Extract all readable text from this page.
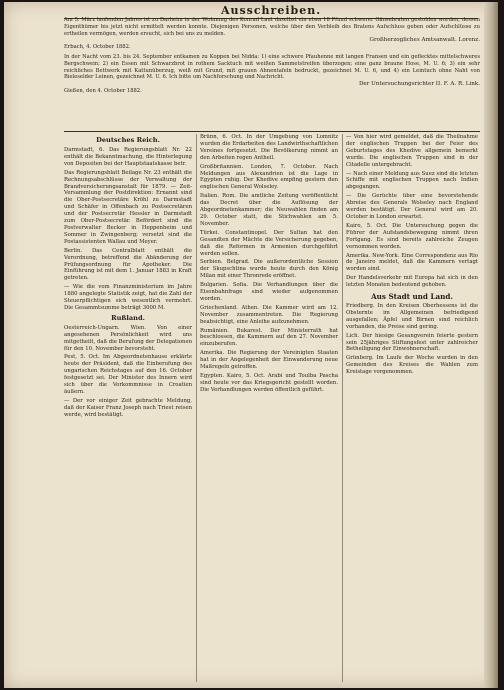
Ausschreiben.
Am 5. März laufenden Jahres ist zu Darheim in der Wohnung des Konrad Laut daselbst ein etwa 18 Pfund schwerer Gänsebraten gestohlen worden, dessen Eigenthümer bis jetzt nicht ermittelt werden konnte. Diejenigen Personen, welche über den Verbleib des Bratens Aufschluss geben oder Aufschlüsse zu ertheilen vermögen, werden ersucht, sich bei uns zu melden.
Großherzogliches Amtsanwalt. Lorenz.
Erbach, 4. October 1882.
In der Nacht vom 23. bis 24. September entkamen zu Koppen bei Nidda: 1) eine schwere Pfauhenne mit langen Fransen und ein geflecktes mittelschweres Bergschwein; 2) ein Essen mit Schwarzbrot in rothem Sacktuch mit weißen Sammetstreifen überzogen; eine ganz braune Hose, M. U. 6; 3) ein sehr reichliches Bettwerk mit Kattunüberzug, weiß mit Grund, mit grauen Ahnentafeln bedruckt, gezeichnet M. U. 6, und 4) ein Leintuch ohne Naht von Bieleselder Leinen, gezeichnet M. U. 6. Ich bitte um Nachforschung und Nachricht.
Der Untersuchungsrichter II. F. A. R. Link.
Gießen, den 4. October 1882.
Deutsches Reich.

Darmstadt, 6. Das Regierungsblatt Nr. 22 enthält die Bekanntmachung, die Hinterlegung von Depositen bei der Hauptstaatskasse betr.

Das Regierungsblatt Beilage Nr. 23 enthält die Rechnungsabschlüsse der Verwaltung der Brandversicherungsanstalt für 1879. — Zeit-Versammlung der Postdirektion: Ernannt sind die Ober-Postsecretäre Kröhl zu Darmstadt und Schäfer in Offenbach zu Postsecretären und der Postsecretär Hessler in Darmstadt zum Ober-Postsecretär. Befördert sind die Postverwalter Becker in Heppenheim und Sommer in Zwingenberg; versetzt sind die Postassistenten Wallau und Meyer.

Berlin. Das Centralblatt enthält die Verordnung, betreffend die Abänderung der Prüfungsordnung für Apotheker. Die Einführung ist mit dem 1. Januar 1883 in Kraft getreten.

— Wie die vom Finanzministerium im Jahre 1880 angelegte Statistik zeigt, hat die Zahl der Steuerpflichtigen sich wesentlich vermehrt. Die Gesammtsumme beträgt 3000 M.

Rußland.

Oesterreich-Ungarn. Wien. Von einer angesehenen Persönlichkeit wird uns mitgetheilt, daß die Berufung der Delegationen für den 10. November bevorsteht.

Pest, 5. Oct. Im Abgeordnetenhause erklärte heute der Präsident, daß die Einberufung des ungarischen Reichstages auf den 16. October festgesetzt sei. Der Minister des Innern wird sich über die Vorkommnisse in Croatien äußern.

— Der vor einiger Zeit gebrachte Meldung, daß der Kaiser Franz Joseph nach Triest reisen werde, wird bestätigt.

Brünn, 6. Oct. In der Umgebung von Lomnitz wurden die Erdarbeiten des Landwirthschaftlichen Vereines fortgesetzt. Die Bevölkerung nimmt an den Arbeiten regen Antheil.

Großbritannien. London, 7. October. Nach Meldungen aus Alexandrien ist die Lage in Egypten ruhig. Der Khedive empfing gestern den englischen General Wolseley.

Italien. Rom. Die amtliche Zeitung veröffentlicht das Decret über die Auflösung der Abgeordnetenkammer; die Neuwahlen finden am 29. October statt, die Stichwahlen am 5. November.

Türkei. Constantinopel. Der Sultan hat den Gesandten der Mächte die Versicherung gegeben, daß die Reformen in Armenien durchgeführt werden sollen.

Serbien. Belgrad. Die außerordentliche Session der Skupschtina wurde heute durch den König Milan mit einer Thronrede eröffnet.

Bulgarien. Sofia. Die Verhandlungen über die Eisenbahnfrage sind wieder aufgenommen worden.

Griechenland. Athen. Die Kammer wird am 12. November zusammentreten. Die Regierung beabsichtigt, eine Anleihe aufzunehmen.

Rumänien. Bukarest. Der Ministerrath hat beschlossen, die Kammern auf den 27. November einzuberufen.

Amerika. Die Regierung der Vereinigten Staaten hat in der Angelegenheit der Einwanderung neue Maßregeln getroffen.

Egypten. Kairo, 5. Oct. Arabi und Toulba Pascha sind heute vor das Kriegsgericht gestellt worden. Die Verhandlungen werden öffentlich geführt.

— Von hier wird gemeldet, daß die Theilnahme der englischen Truppen bei der Feier des Geburtstages des Khedive allgemein bemerkt wurde. Die englischen Truppen sind in der Citadelle untergebracht.

— Nach einer Meldung aus Suez sind die letzten Schiffe mit englischen Truppen nach Indien abgegangen.

— Die Gerüchte über eine bevorstehende Abreise des Generals Wolseley nach England werden bestätigt. Der General wird am 20. October in London erwartet.

Kairo, 5. Oct. Die Untersuchung gegen die Führer der Aufstandsbewegung nimmt ihren Fortgang. Es sind bereits zahlreiche Zeugen vernommen worden.

Amerika. New-York. Eine Correspondenz aus Rio de Janeiro meldet, daß die Kammern vertagt worden sind.

Der Handelsverkehr mit Europa hat sich in den letzten Monaten bedeutend gehoben.

Aus Stadt und Land.

Friedberg. In den Kreisen Oberhessens ist die Obsternte im Allgemeinen befriedigend ausgefallen; Äpfel und Birnen sind reichlich vorhanden, die Preise sind gering.

Lich. Der hiesige Gesangverein feierte gestern sein 25jähriges Stiftungsfest unter zahlreicher Betheiligung der Einwohnerschaft.

Grünberg. Im Laufe der Woche wurden in den Gemeinden des Kreises die Wahlen zum Kreistage vorgenommen.
